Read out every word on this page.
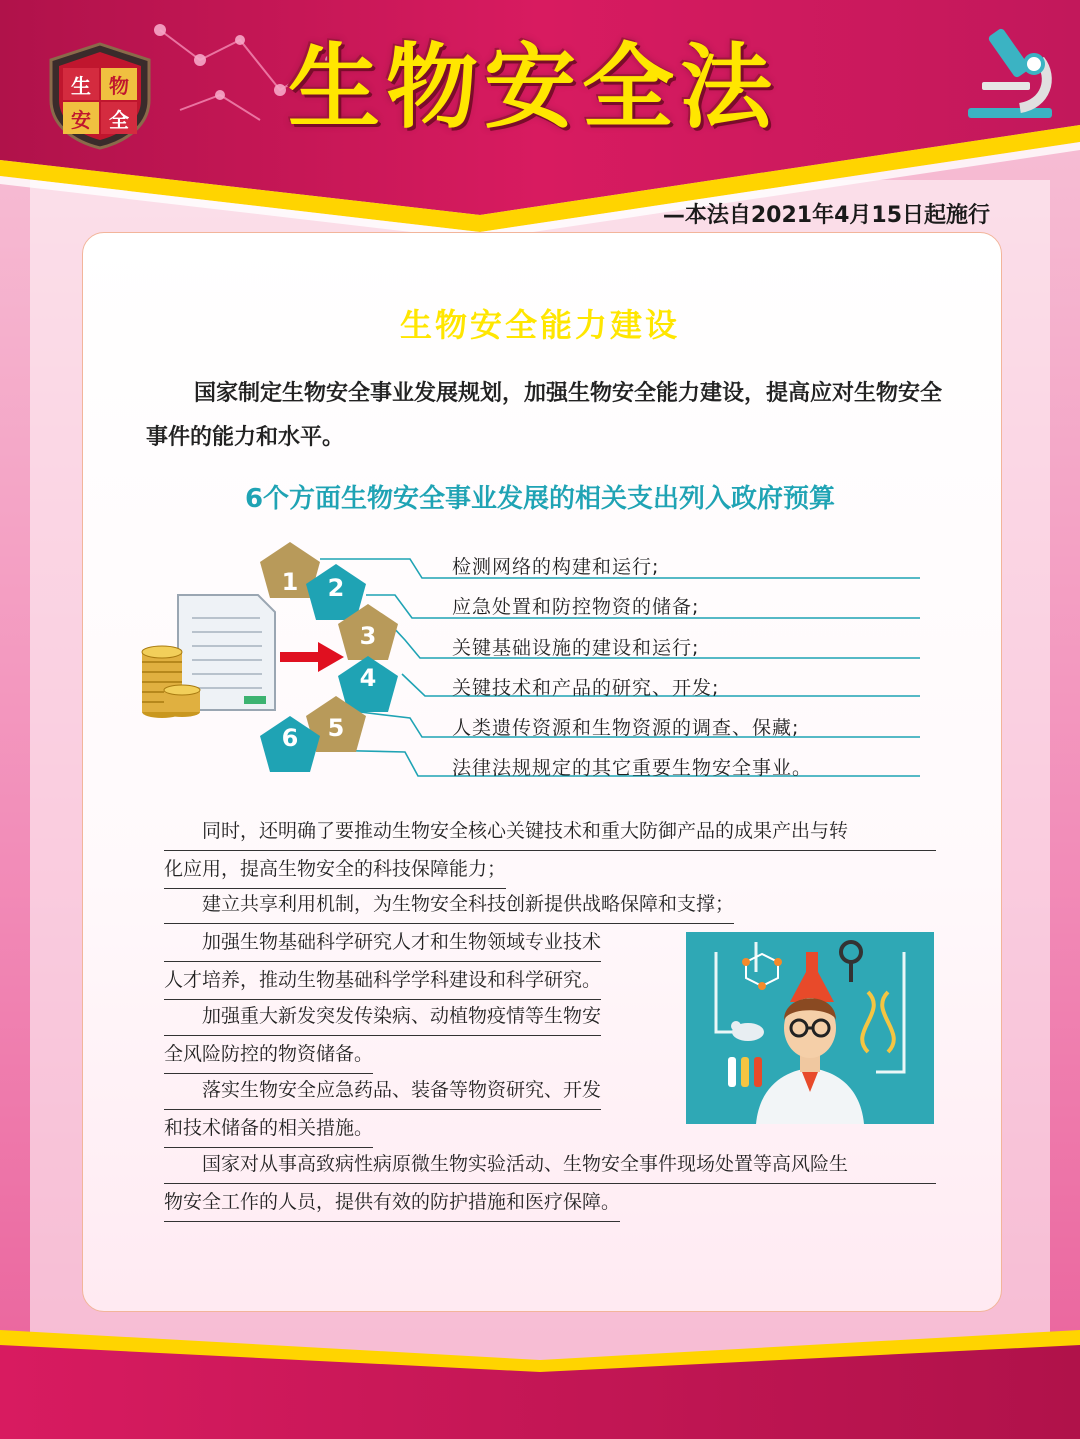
生 物
安 全 生物安全法
—本法自2021年4月15日起施行
生物安全能力建设
国家制定生物安全事业发展规划，加强生物安全能力建设，提高应对生物安全事件的能力和水平。
6个方面生物安全事业发展的相关支出列入政府预算
1 2
3
4
5
6
检测网络的构建和运行;
应急处置和防控物资的储备;
关键基础设施的建设和运行;
关键技术和产品的研究、开发;
人类遗传资源和生物资源的调查、保藏;
法律法规规定的其它重要生物安全事业。
　　同时，还明确了要推动生物安全核心关键技术和重大防御产品的成果产出与转
化应用，提高生物安全的科技保障能力；
　　建立共享利用机制，为生物安全科技创新提供战略保障和支撑；
　　加强生物基础科学研究人才和生物领域专业技术
人才培养，推动生物基础科学学科建设和科学研究。
　　加强重大新发突发传染病、动植物疫情等生物安
全风险防控的物资储备。
　　落实生物安全应急药品、装备等物资研究、开发
和技术储备的相关措施。
　　国家对从事高致病性病原微生物实验活动、生物安全事件现场处置等高风险生
物安全工作的人员，提供有效的防护措施和医疗保障。
